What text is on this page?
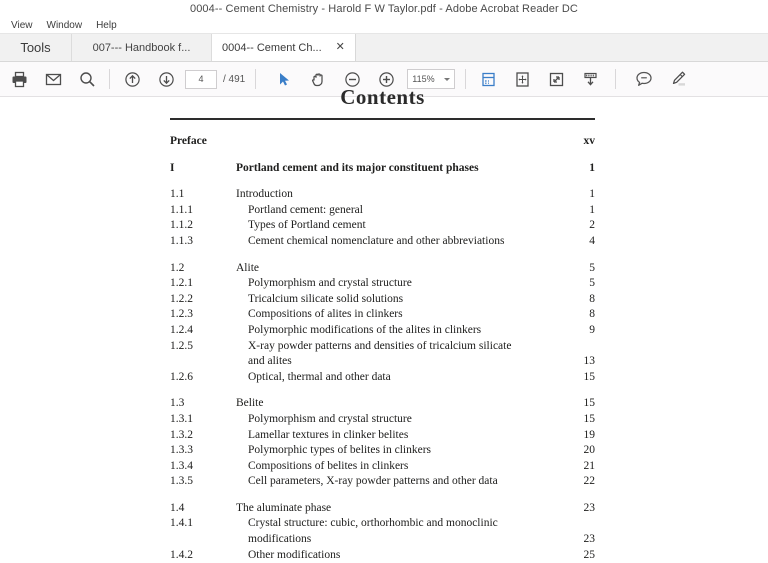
0004-- Cement Chemistry - Harold F W Taylor.pdf - Adobe Acrobat Reader DC
View	Window	Help
Tools	007--- Handbook f...	0004-- Cement Ch... ✕
4	/ 491	115%
Contents
Preface	xv
I	Portland cement and its major constituent phases	1
1.1	Introduction	1
1.1.1	Portland cement: general	1
1.1.2	Types of Portland cement	2
1.1.3	Cement chemical nomenclature and other abbreviations	4
1.2	Alite	5
1.2.1	Polymorphism and crystal structure	5
1.2.2	Tricalcium silicate solid solutions	8
1.2.3	Compositions of alites in clinkers	8
1.2.4	Polymorphic modifications of the alites in clinkers	9
1.2.5	X-ray powder patterns and densities of tricalcium silicate
and alites	13
1.2.6	Optical, thermal and other data	15
1.3	Belite	15
1.3.1	Polymorphism and crystal structure	15
1.3.2	Lamellar textures in clinker belites	19
1.3.3	Polymorphic types of belites in clinkers	20
1.3.4	Compositions of belites in clinkers	21
1.3.5	Cell parameters, X-ray powder patterns and other data	22
1.4	The aluminate phase	23
1.4.1	Crystal structure: cubic, orthorhombic and monoclinic
modifications	23
1.4.2	Other modifications	25
